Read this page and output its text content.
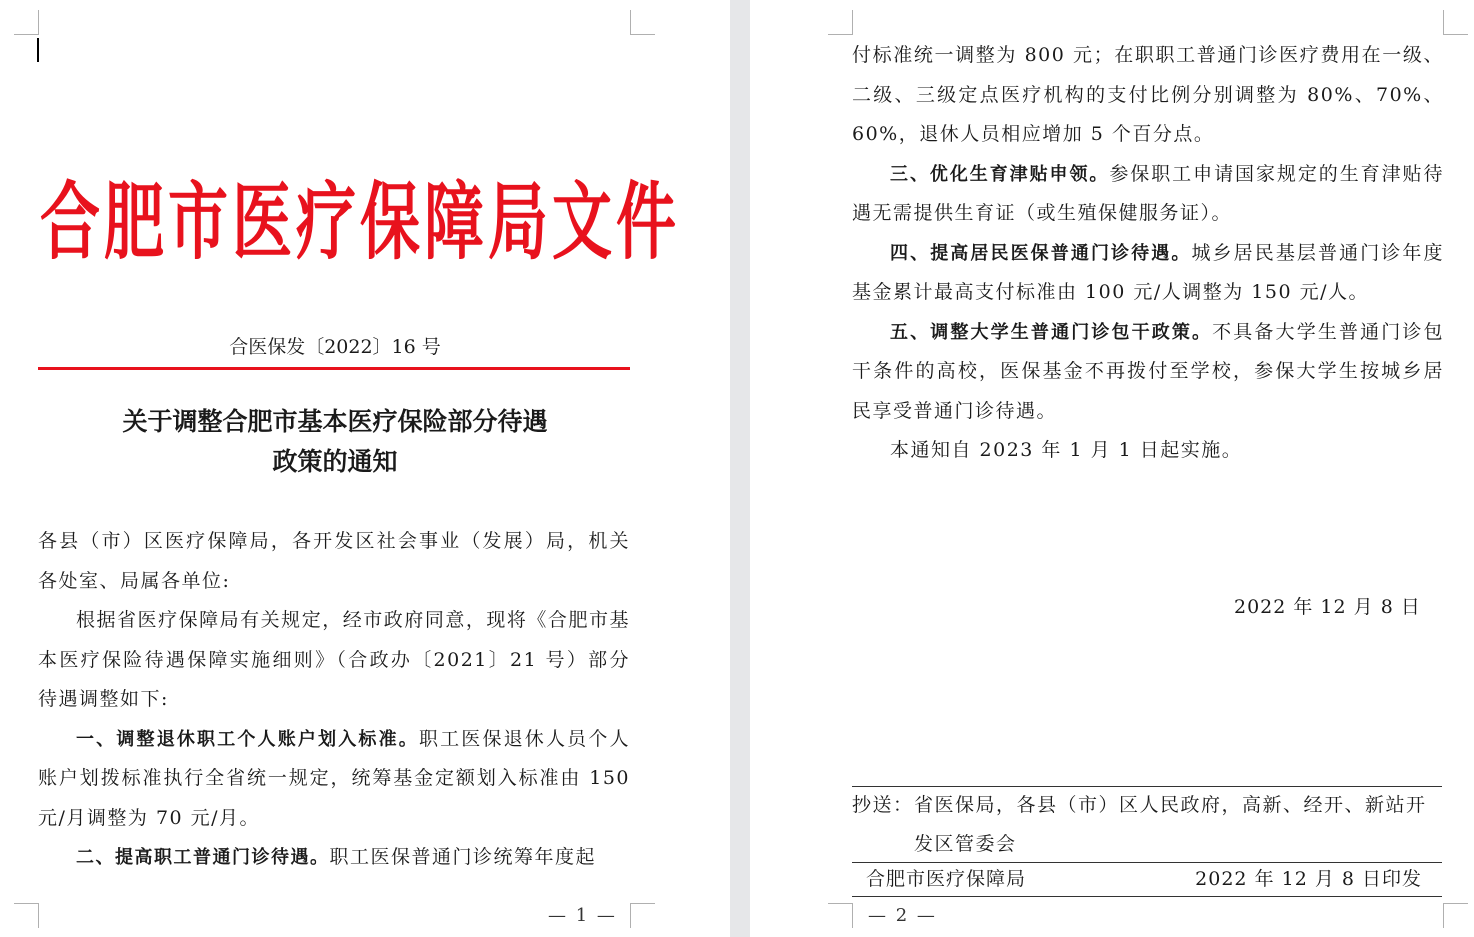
合肥市医疗保障局文件
合医保发〔2022〕16 号
关于调整合肥市基本医疗保险部分待遇
政策的通知

各县（市）区医疗保障局，各开发区社会事业（发展）局，机关各处室、局属各单位:

根据省医疗保障局有关规定，经市政府同意，现将《合肥市基本医疗保险待遇保障实施细则》（合政办〔2021〕21 号）部分待遇调整如下:

一、调整退休职工个人账户划入标准。职工医保退休人员个人账户划拨标准执行全省统一规定，统筹基金定额划入标准由 150 元/月调整为 70 元/月。

二、提高职工普通门诊待遇。职工医保普通门诊统筹年度起

— 1 —

付标准统一调整为 800 元；在职职工普通门诊医疗费用在一级、二级、三级定点医疗机构的支付比例分别调整为 80%、70%、60%，退休人员相应增加 5 个百分点。

三、优化生育津贴申领。参保职工申请国家规定的生育津贴待遇无需提供生育证（或生殖保健服务证）。

四、提高居民医保普通门诊待遇。城乡居民基层普通门诊年度基金累计最高支付标准由 100 元/人调整为 150 元/人。

五、调整大学生普通门诊包干政策。不具备大学生普通门诊包干条件的高校，医保基金不再拨付至学校，参保大学生按城乡居民享受普通门诊待遇。

本通知自 2023 年 1 月 1 日起实施。

2022 年 12 月 8 日
抄送：省医保局，各县（市）区人民政府，高新、经开、新站开发区管委会
合肥市医疗保障局	2022 年 12 月 8 日印发
— 2 —
